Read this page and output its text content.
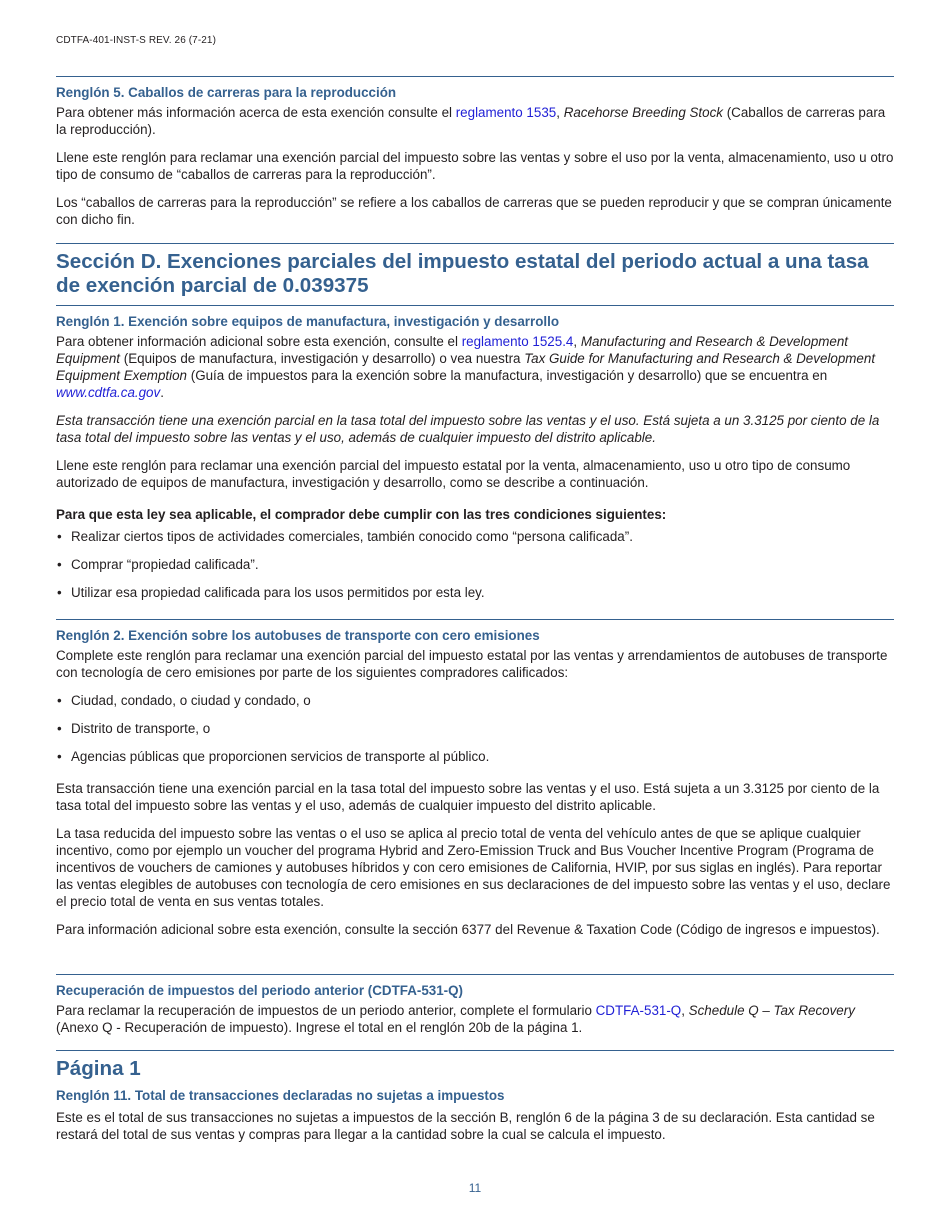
CDTFA-401-INST-S REV. 26 (7-21)
Renglón 5. Caballos de carreras para la reproducción

Para obtener más información acerca de esta exención consulte el reglamento 1535, Racehorse Breeding Stock (Caballos de carreras para la reproducción).

Llene este renglón para reclamar una exención parcial del impuesto sobre las ventas y sobre el uso por la venta, almacenamiento, uso u otro tipo de consumo de “caballos de carreras para la reproducción”.

Los “caballos de carreras para la reproducción” se refiere a los caballos de carreras que se pueden reproducir y que se compran únicamente con dicho fin.

Sección D. Exenciones parciales del impuesto estatal del periodo actual a una tasa de exención parcial de 0.039375
Renglón 1. Exención sobre equipos de manufactura, investigación y desarrollo

Para obtener información adicional sobre esta exención, consulte el reglamento 1525.4, Manufacturing and Research & Development Equipment (Equipos de manufactura, investigación y desarrollo) o vea nuestra Tax Guide for Manufacturing and Research & Development Equipment Exemption (Guía de impuestos para la exención sobre la manufactura, investigación y desarrollo) que se encuentra en www.cdtfa.ca.gov.

Esta transacción tiene una exención parcial en la tasa total del impuesto sobre las ventas y el uso. Está sujeta a un 3.3125 por ciento de la tasa total del impuesto sobre las ventas y el uso, además de cualquier impuesto del distrito aplicable.

Llene este renglón para reclamar una exención parcial del impuesto estatal por la venta, almacenamiento, uso u otro tipo de consumo autorizado de equipos de manufactura, investigación y desarrollo, como se describe a continuación.

Para que esta ley sea aplicable, el comprador debe cumplir con las tres condiciones siguientes:

• Realizar ciertos tipos de actividades comerciales, también conocido como “persona calificada”.
• Comprar “propiedad calificada”.
• Utilizar esa propiedad calificada para los usos permitidos por esta ley.
Renglón 2. Exención sobre los autobuses de transporte con cero emisiones

Complete este renglón para reclamar una exención parcial del impuesto estatal por las ventas y arrendamientos de autobuses de transporte con tecnología de cero emisiones por parte de los siguientes compradores calificados:

• Ciudad, condado, o ciudad y condado, o
• Distrito de transporte, o
• Agencias públicas que proporcionen servicios de transporte al público.

Esta transacción tiene una exención parcial en la tasa total del impuesto sobre las ventas y el uso. Está sujeta a un 3.3125 por ciento de la tasa total del impuesto sobre las ventas y el uso, además de cualquier impuesto del distrito aplicable.

La tasa reducida del impuesto sobre las ventas o el uso se aplica al precio total de venta del vehículo antes de que se aplique cualquier incentivo, como por ejemplo un voucher del programa Hybrid and Zero-Emission Truck and Bus Voucher Incentive Program (Programa de incentivos de vouchers de camiones y autobuses híbridos y con cero emisiones de California, HVIP, por sus siglas en inglés). Para reportar las ventas elegibles de autobuses con tecnología de cero emisiones en sus declaraciones de del impuesto sobre las ventas y el uso, declare el precio total de venta en sus ventas totales.

Para información adicional sobre esta exención, consulte la sección 6377 del Revenue & Taxation Code (Código de ingresos e impuestos).

Recuperación de impuestos del periodo anterior (CDTFA-531-Q)

Para reclamar la recuperación de impuestos de un periodo anterior, complete el formulario CDTFA-531-Q, Schedule Q – Tax Recovery (Anexo Q - Recuperación de impuesto). Ingrese el total en el renglón 20b de la página 1.

Página 1
Renglón 11. Total de transacciones declaradas no sujetas a impuestos

Este es el total de sus transacciones no sujetas a impuestos de la sección B, renglón 6 de la página 3 de su declaración. Esta cantidad se restará del total de sus ventas y compras para llegar a la cantidad sobre la cual se calcula el impuesto.

11
